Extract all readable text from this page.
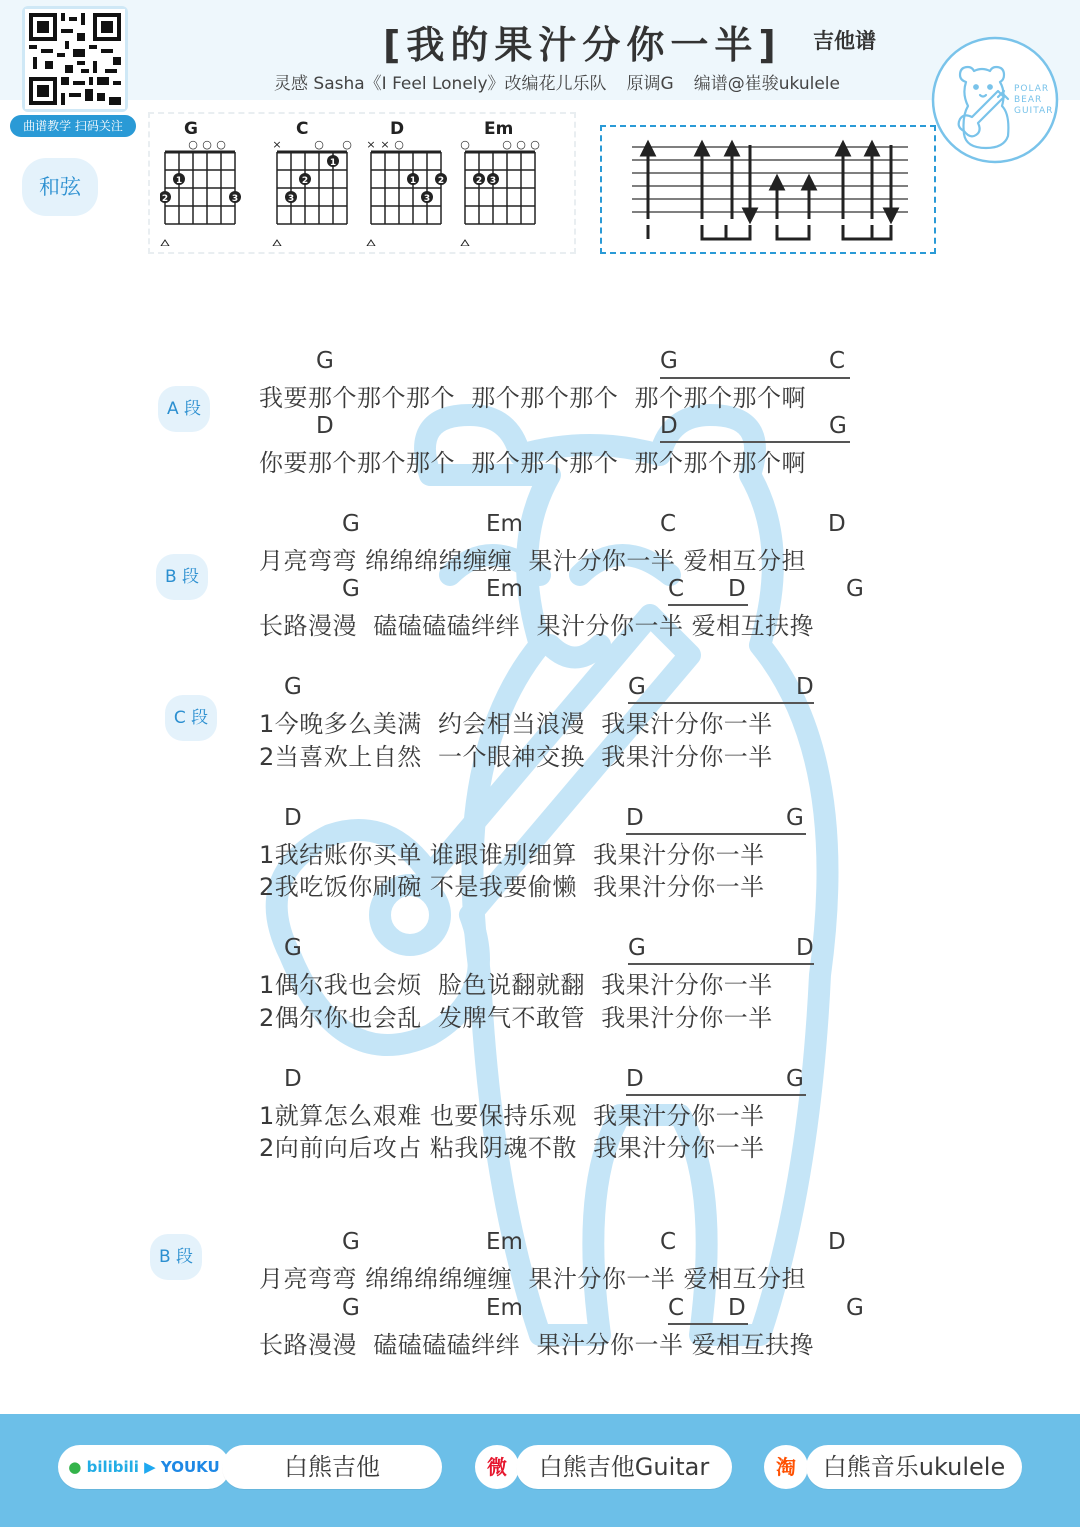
曲谱教学 扫码关注
[我的果汁分你一半] 吉他谱
灵感 Sasha《I Feel Lonely》改编花儿乐队 原调G 编谱@崔骏ukulele	POLAR
BEAR
GUITAR
和弦
G
○ ○ ○
1
2	3
C
×	○ ○
1
2
3
D
× × ○
1 2
3
Em
○	○ ○ ○
2 3
A 段
B 段
C 段
B 段
G	G	C
我要那个那个那个  那个那个那个  那个那个那个啊
D	D	G
你要那个那个那个  那个那个那个  那个那个那个啊
G	Em	C	D
月亮弯弯 绵绵绵绵缠缠  果汁分你一半 爱相互分担
G	Em	C D	G
长路漫漫  磕磕磕磕绊绊  果汁分你一半 爱相互扶搀
G	G	D
1今晚多么美满  约会相当浪漫  我果汁分你一半
2当喜欢上自然  一个眼神交换  我果汁分你一半
D	D	G
1我结账你买单 谁跟谁别细算  我果汁分你一半
2我吃饭你刷碗 不是我要偷懒  我果汁分你一半
G	G	D
1偶尔我也会烦  脸色说翻就翻  我果汁分你一半
2偶尔你也会乱  发脾气不敢管  我果汁分你一半
D	D	G
1就算怎么艰难 也要保持乐观  我果汁分你一半
2向前向后攻占 粘我阴魂不散  我果汁分你一半
G	Em	C	D
月亮弯弯 绵绵绵绵缠缠  果汁分你一半 爱相互分担
G	Em	C D	G
长路漫漫  磕磕磕磕绊绊  果汁分你一半 爱相互扶搀
● bilibili ▶ YOUKU	白熊吉他	微	白熊吉他Guitar	淘	白熊音乐ukulele
